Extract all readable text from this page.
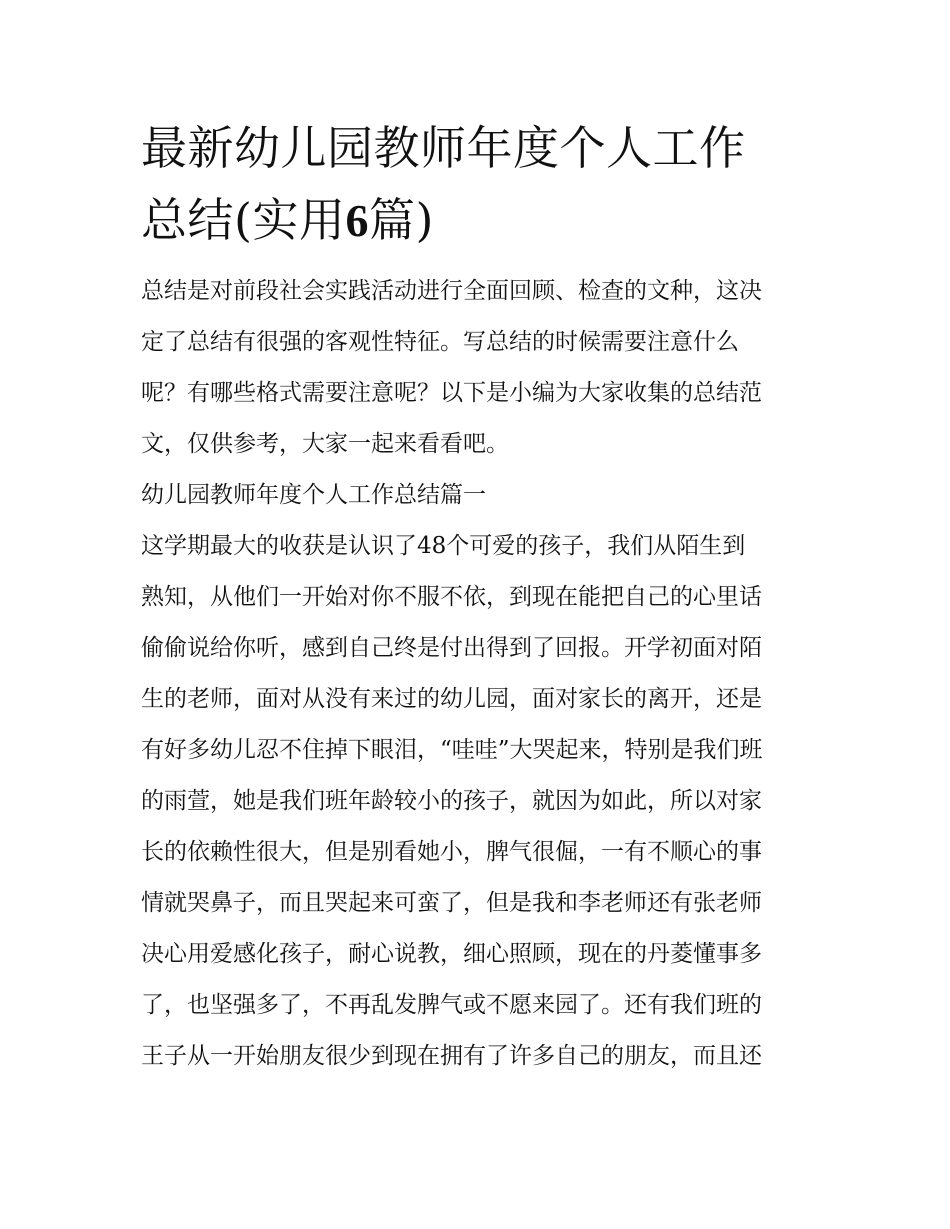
最新幼儿园教师年度个人工作
总结(实用6篇)
总结是对前段社会实践活动进行全面回顾、检查的文种，这决
定了总结有很强的客观性特征。写总结的时候需要注意什么
呢？有哪些格式需要注意呢？以下是小编为大家收集的总结范
文，仅供参考，大家一起来看看吧。
幼儿园教师年度个人工作总结篇一
这学期最大的收获是认识了48个可爱的孩子，我们从陌生到
熟知，从他们一开始对你不服不依，到现在能把自己的心里话
偷偷说给你听，感到自己终是付出得到了回报。开学初面对陌
生的老师，面对从没有来过的幼儿园，面对家长的离开，还是
有好多幼儿忍不住掉下眼泪，“哇哇”大哭起来，特别是我们班
的雨萱，她是我们班年龄较小的孩子，就因为如此，所以对家
长的依赖性很大，但是别看她小，脾气很倔，一有不顺心的事
情就哭鼻子，而且哭起来可蛮了，但是我和李老师还有张老师
决心用爱感化孩子，耐心说教，细心照顾，现在的丹菱懂事多
了，也坚强多了，不再乱发脾气或不愿来园了。还有我们班的
王子从一开始朋友很少到现在拥有了许多自己的朋友，而且还
